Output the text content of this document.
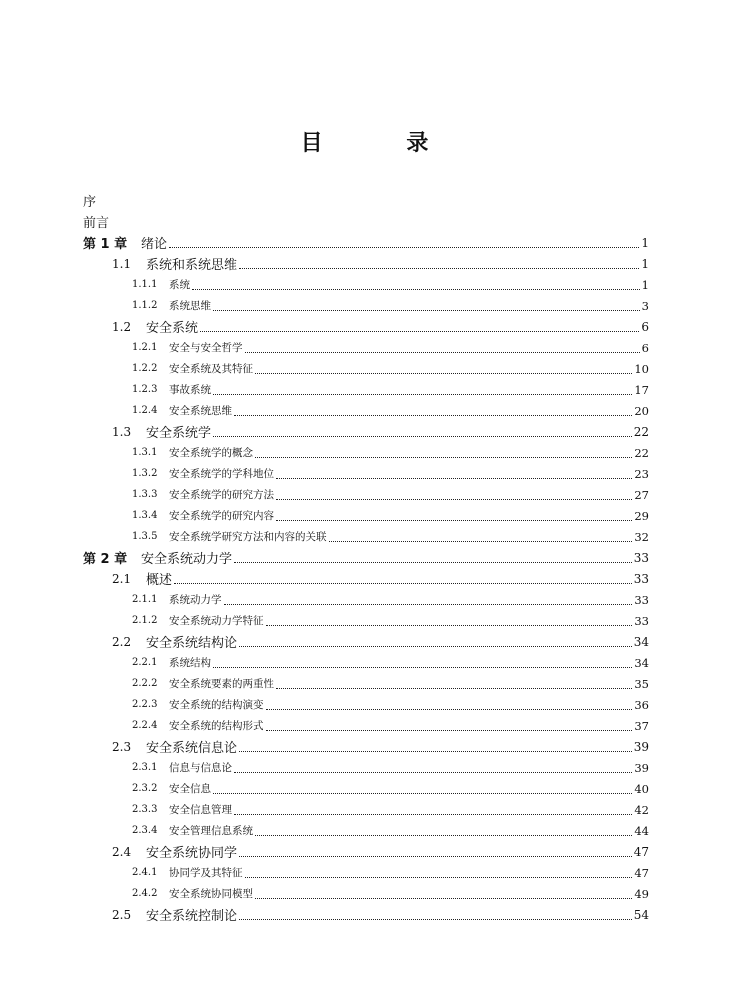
目 录
序
前言
第 1 章	绪论	1
1.1	系统和系统思维	1
1.1.1	系统	1
1.1.2	系统思维	3
1.2	安全系统	6
1.2.1	安全与安全哲学	6
1.2.2	安全系统及其特征	10
1.2.3	事故系统	17
1.2.4	安全系统思维	20
1.3	安全系统学	22
1.3.1	安全系统学的概念	22
1.3.2	安全系统学的学科地位	23
1.3.3	安全系统学的研究方法	27
1.3.4	安全系统学的研究内容	29
1.3.5	安全系统学研究方法和内容的关联	32
第 2 章	安全系统动力学	33
2.1	概述	33
2.1.1	系统动力学	33
2.1.2	安全系统动力学特征	33
2.2	安全系统结构论	34
2.2.1	系统结构	34
2.2.2	安全系统要素的两重性	35
2.2.3	安全系统的结构演变	36
2.2.4	安全系统的结构形式	37
2.3	安全系统信息论	39
2.3.1	信息与信息论	39
2.3.2	安全信息	40
2.3.3	安全信息管理	42
2.3.4	安全管理信息系统	44
2.4	安全系统协同学	47
2.4.1	协同学及其特征	47
2.4.2	安全系统协同模型	49
2.5	安全系统控制论	54
